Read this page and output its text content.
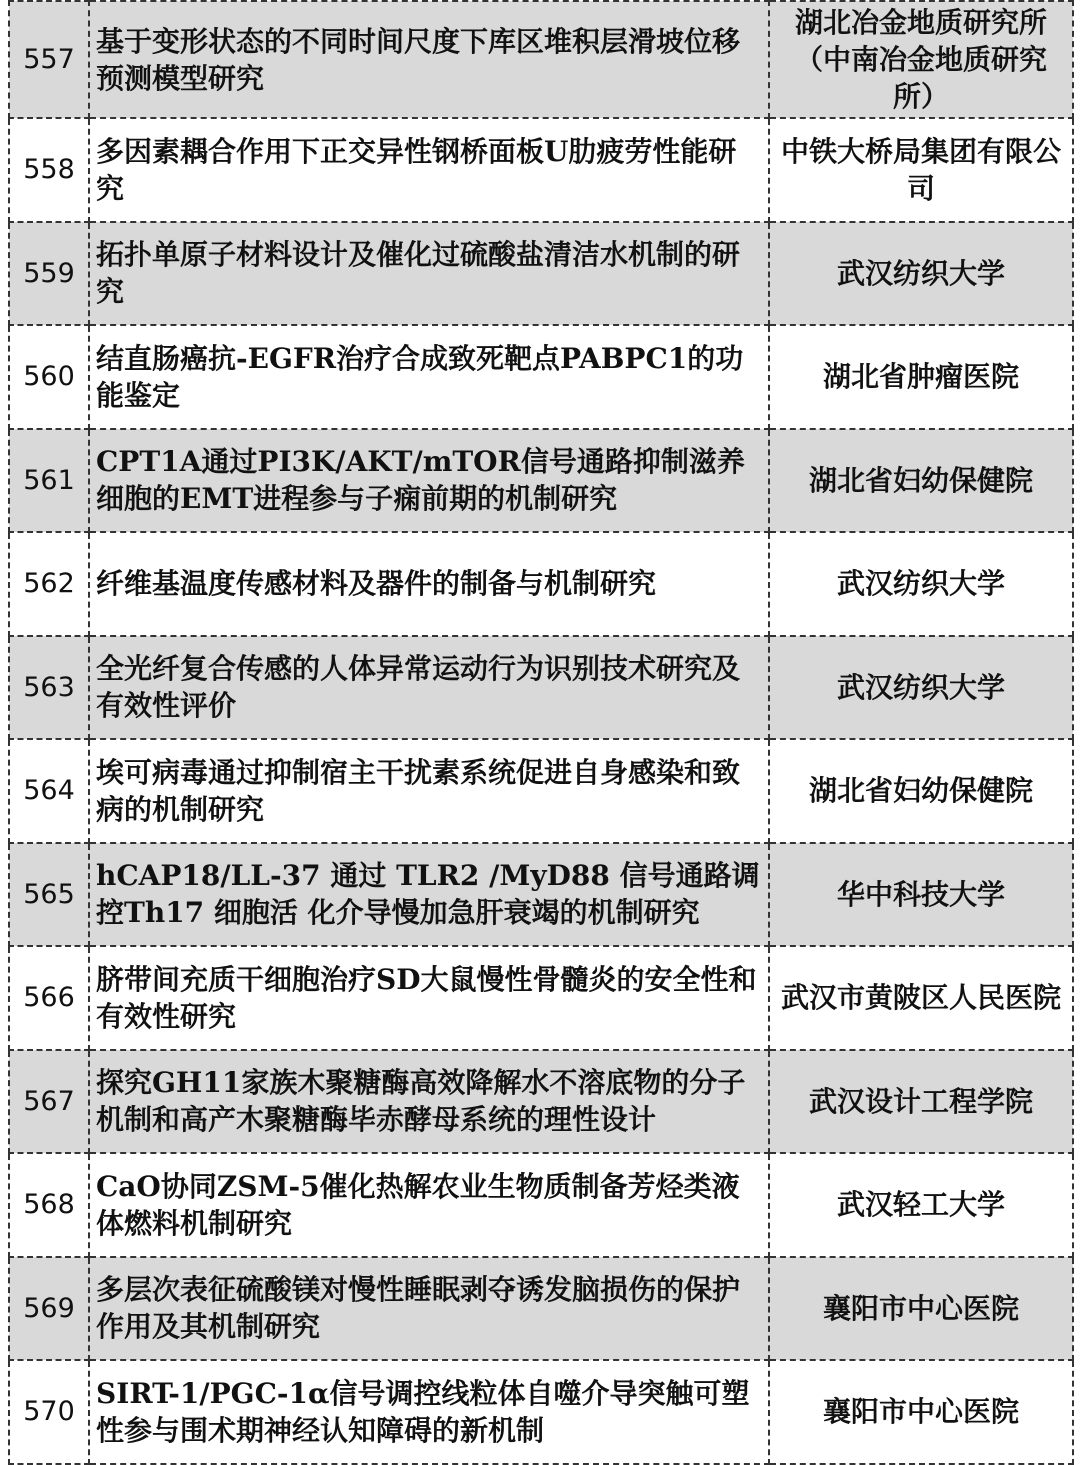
557	基于变形状态的不同时间尺度下库区堆积层滑坡位移预测模型研究	湖北冶金地质研究所（中南冶金地质研究所）
558	多因素耦合作用下正交异性钢桥面板U肋疲劳性能研究	中铁大桥局集团有限公司
559	拓扑单原子材料设计及催化过硫酸盐清洁水机制的研究	武汉纺织大学
560	结直肠癌抗-EGFR治疗合成致死靶点PABPC1的功能鉴定	湖北省肿瘤医院
561	CPT1A通过PI3K/AKT/mTOR信号通路抑制滋养细胞的EMT进程参与子痫前期的机制研究	湖北省妇幼保健院
562	纤维基温度传感材料及器件的制备与机制研究	武汉纺织大学
563	全光纤复合传感的人体异常运动行为识别技术研究及有效性评价	武汉纺织大学
564	埃可病毒通过抑制宿主干扰素系统促进自身感染和致病的机制研究	湖北省妇幼保健院
565	hCAP18/LL-37 通过 TLR2 /MyD88 信号通路调控Th17 细胞活 化介导慢加急肝衰竭的机制研究	华中科技大学
566	脐带间充质干细胞治疗SD大鼠慢性骨髓炎的安全性和有效性研究	武汉市黄陂区人民医院
567	探究GH11家族木聚糖酶高效降解水不溶底物的分子机制和高产木聚糖酶毕赤酵母系统的理性设计	武汉设计工程学院
568	CaO协同ZSM-5催化热解农业生物质制备芳烃类液体燃料机制研究	武汉轻工大学
569	多层次表征硫酸镁对慢性睡眠剥夺诱发脑损伤的保护作用及其机制研究	襄阳市中心医院
570	SIRT-1/PGC-1α信号调控线粒体自噬介导突触可塑性参与围术期神经认知障碍的新机制	襄阳市中心医院
